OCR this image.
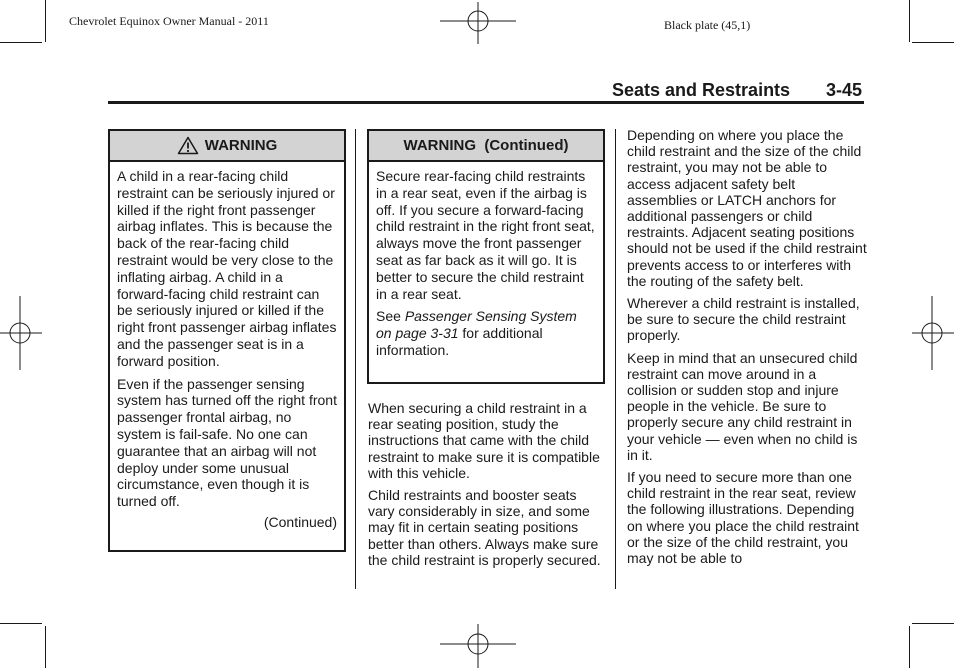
Chevrolet Equinox Owner Manual - 2011	Black plate (45,1)
Seats and Restraints 3-45
WARNING

A child in a rear-facing child restraint can be seriously injured or killed if the right front passenger airbag inflates. This is because the back of the rear-facing child restraint would be very close to the inflating airbag. A child in a forward-facing child restraint can be seriously injured or killed if the right front passenger airbag inflates and the passenger seat is in a forward position.

Even if the passenger sensing system has turned off the right front passenger frontal airbag, no system is fail-safe. No one can guarantee that an airbag will not deploy under some unusual circumstance, even though it is turned off.

(Continued)
WARNING  (Continued)

Secure rear-facing child restraints in a rear seat, even if the airbag is off. If you secure a forward-facing child restraint in the right front seat, always move the front passenger seat as far back as it will go. It is better to secure the child restraint in a rear seat.

See Passenger Sensing System on page 3-31 for additional information.

When securing a child restraint in a rear seating position, study the instructions that came with the child restraint to make sure it is compatible with this vehicle.

Child restraints and booster seats vary considerably in size, and some may fit in certain seating positions better than others. Always make sure the child restraint is properly secured.

Depending on where you place the child restraint and the size of the child restraint, you may not be able to access adjacent safety belt assemblies or LATCH anchors for additional passengers or child restraints. Adjacent seating positions should not be used if the child restraint prevents access to or interferes with the routing of the safety belt.

Wherever a child restraint is installed, be sure to secure the child restraint properly.

Keep in mind that an unsecured child restraint can move around in a collision or sudden stop and injure people in the vehicle. Be sure to properly secure any child restraint in your vehicle — even when no child is in it.

If you need to secure more than one child restraint in the rear seat, review the following illustrations. Depending on where you place the child restraint or the size of the child restraint, you may not be able to
